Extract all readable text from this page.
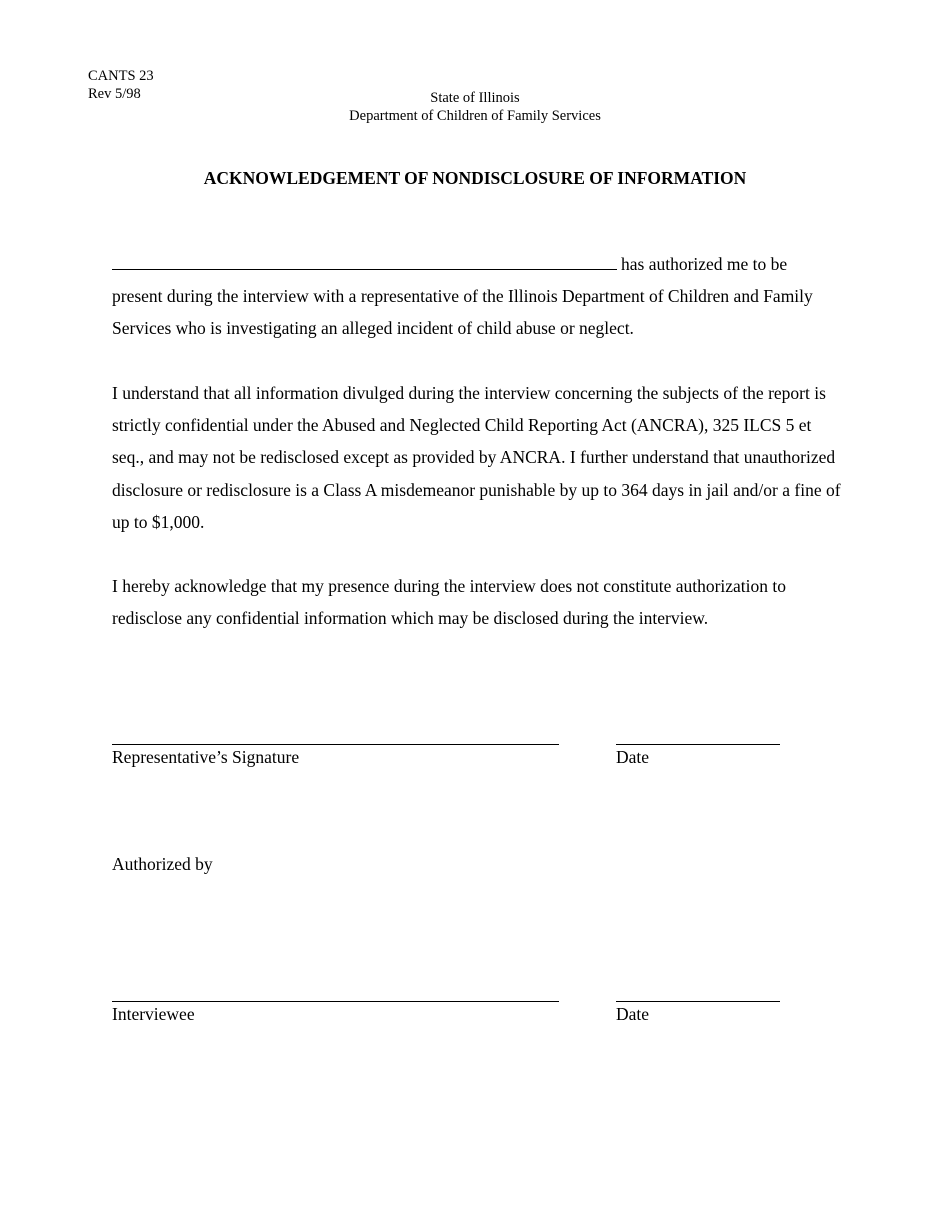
CANTS 23
Rev 5/98	State of Illinois
Department of Children of Family Services
ACKNOWLEDGEMENT OF NONDISCLOSURE OF INFORMATION
has authorized me to be present during the interview with a representative of the Illinois Department of Children and Family Services who is investigating an alleged incident of child abuse or neglect.
I understand that all information divulged during the interview concerning the subjects of the report is strictly confidential under the Abused and Neglected Child Reporting Act (ANCRA), 325 ILCS 5 et seq., and may not be redisclosed except as provided by ANCRA. I further understand that unauthorized disclosure or redisclosure is a Class A misdemeanor punishable by up to 364 days in jail and/or a fine of up to $1,000.
I hereby acknowledge that my presence during the interview does not constitute authorization to redisclose any confidential information which may be disclosed during the interview.
Representative’s Signature	Date
Authorized by
Interviewee	Date
